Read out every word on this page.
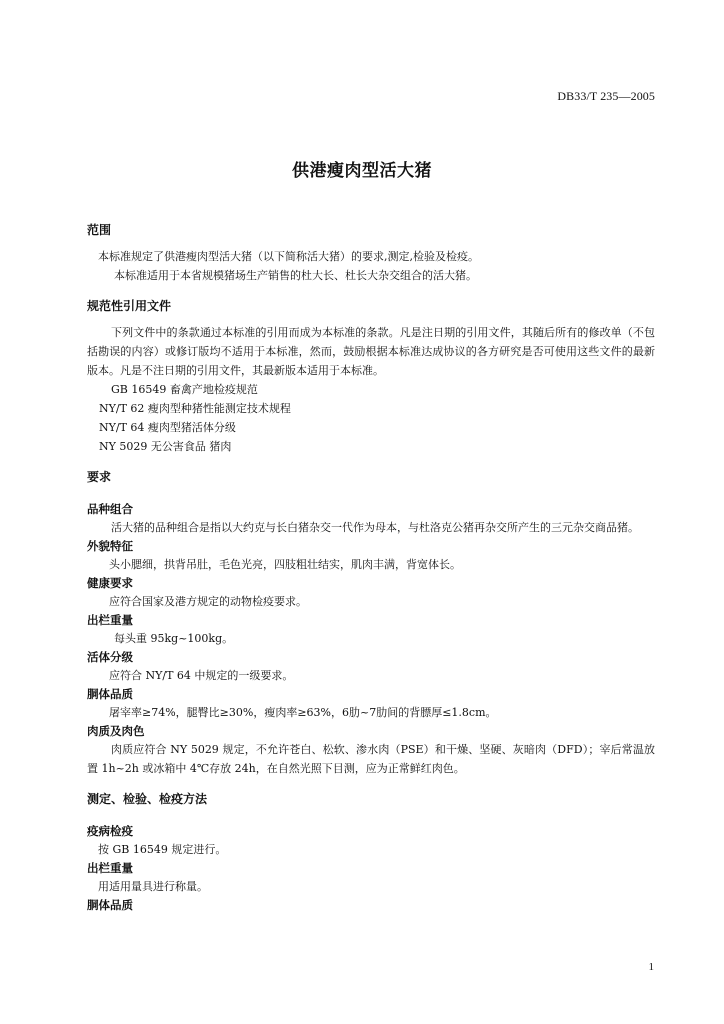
DB33/T 235—2005
供港瘦肉型活大猪
范围
本标准规定了供港瘦肉型活大猪（以下简称活大猪）的要求,测定,检验及检疫。
本标准适用于本省规模猪场生产销售的杜大长、杜长大杂交组合的活大猪。
规范性引用文件
下列文件中的条款通过本标准的引用而成为本标准的条款。凡是注日期的引用文件，其随后所有的修改单（不包括勘误的内容）或修订版均不适用于本标准，然而，鼓励根据本标准达成协议的各方研究是否可使用这些文件的最新版本。凡是不注日期的引用文件，其最新版本适用于本标准。
GB 16549 畜禽产地检疫规范
NY/T 62 瘦肉型种猪性能测定技术规程
NY/T 64 瘦肉型猪活体分级
NY 5029 无公害食品 猪肉
要求
品种组合
活大猪的品种组合是指以大约克与长白猪杂交一代作为母本，与杜洛克公猪再杂交所产生的三元杂交商品猪。
外貌特征
头小腮细，拱背吊肚，毛色光亮，四肢粗壮结实，肌肉丰满，背宽体长。
健康要求
应符合国家及港方规定的动物检疫要求。
出栏重量
每头重 95kg~100kg。
活体分级
应符合 NY/T 64 中规定的一级要求。
胴体品质
屠宰率≥74%，腿臀比≥30%，瘦肉率≥63%，6肋~7肋间的背膘厚≤1.8cm。
肉质及肉色
肉质应符合 NY 5029 规定，不允许苍白、松软、渗水肉（PSE）和干燥、坚硬、灰暗肉（DFD）；宰后常温放置 1h~2h 或冰箱中 4℃存放 24h，在自然光照下目测，应为正常鲜红肉色。
测定、检验、检疫方法
疫病检疫
按 GB 16549 规定进行。
出栏重量
用适用量具进行称量。
胴体品质
1
